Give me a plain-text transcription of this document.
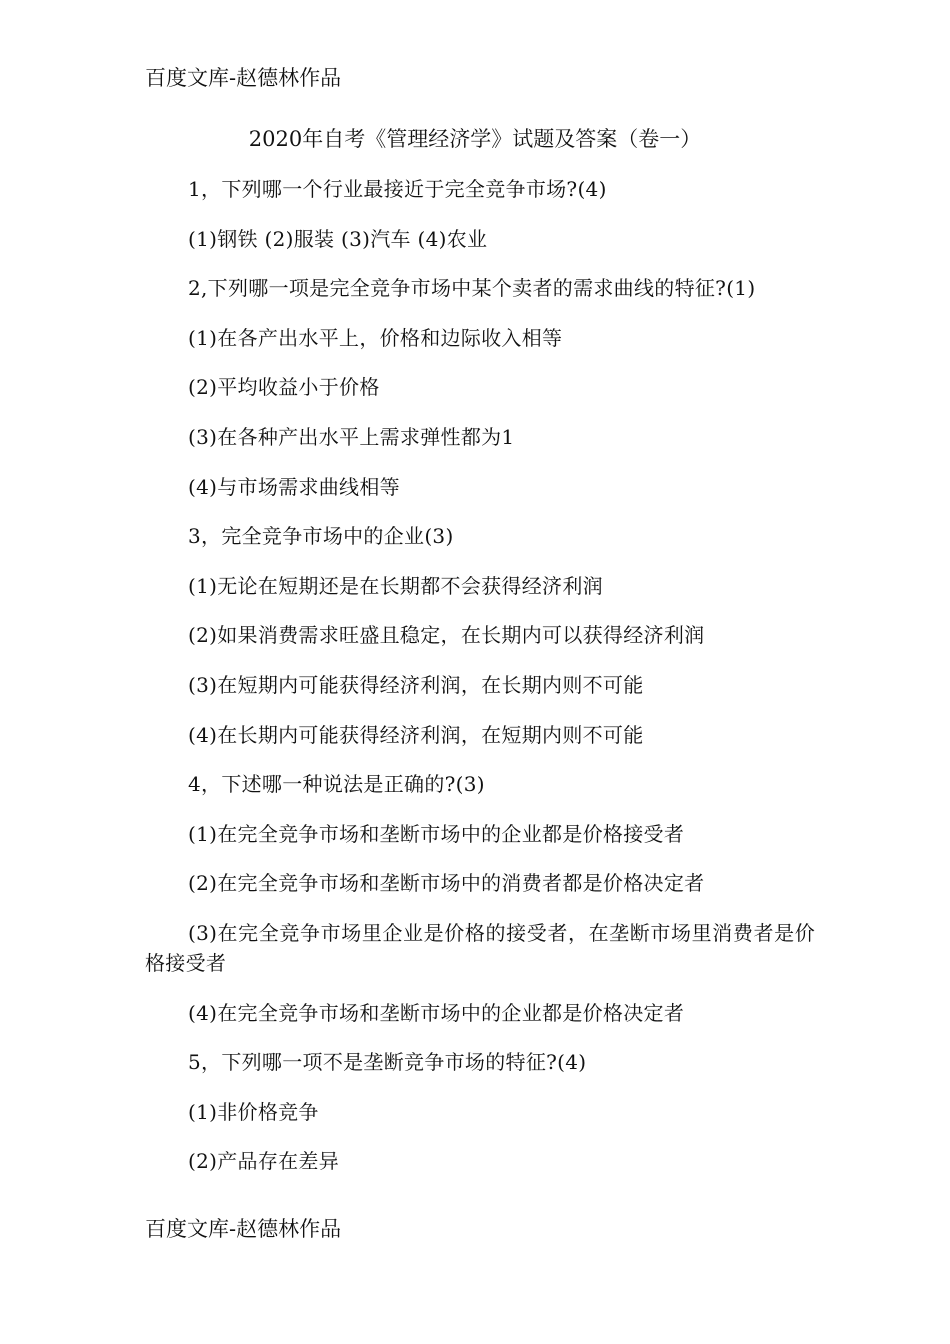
百度文库-赵德林作品
2020年自考《管理经济学》试题及答案（卷一）

1，下列哪一个行业最接近于完全竞争市场?(4)

(1)钢铁 (2)服装 (3)汽车 (4)农业

2,下列哪一项是完全竞争市场中某个卖者的需求曲线的特征?(1)

(1)在各产出水平上，价格和边际收入相等

(2)平均收益小于价格

(3)在各种产出水平上需求弹性都为1

(4)与市场需求曲线相等

3，完全竞争市场中的企业(3)

(1)无论在短期还是在长期都不会获得经济利润

(2)如果消费需求旺盛且稳定，在长期内可以获得经济利润

(3)在短期内可能获得经济利润，在长期内则不可能

(4)在长期内可能获得经济利润，在短期内则不可能

4，下述哪一种说法是正确的?(3)

(1)在完全竞争市场和垄断市场中的企业都是价格接受者

(2)在完全竞争市场和垄断市场中的消费者都是价格决定者

(3)在完全竞争市场里企业是价格的接受者，在垄断市场里消费者是价格接受者

(4)在完全竞争市场和垄断市场中的企业都是价格决定者

5，下列哪一项不是垄断竞争市场的特征?(4)

(1)非价格竞争

(2)产品存在差异

百度文库-赵德林作品
